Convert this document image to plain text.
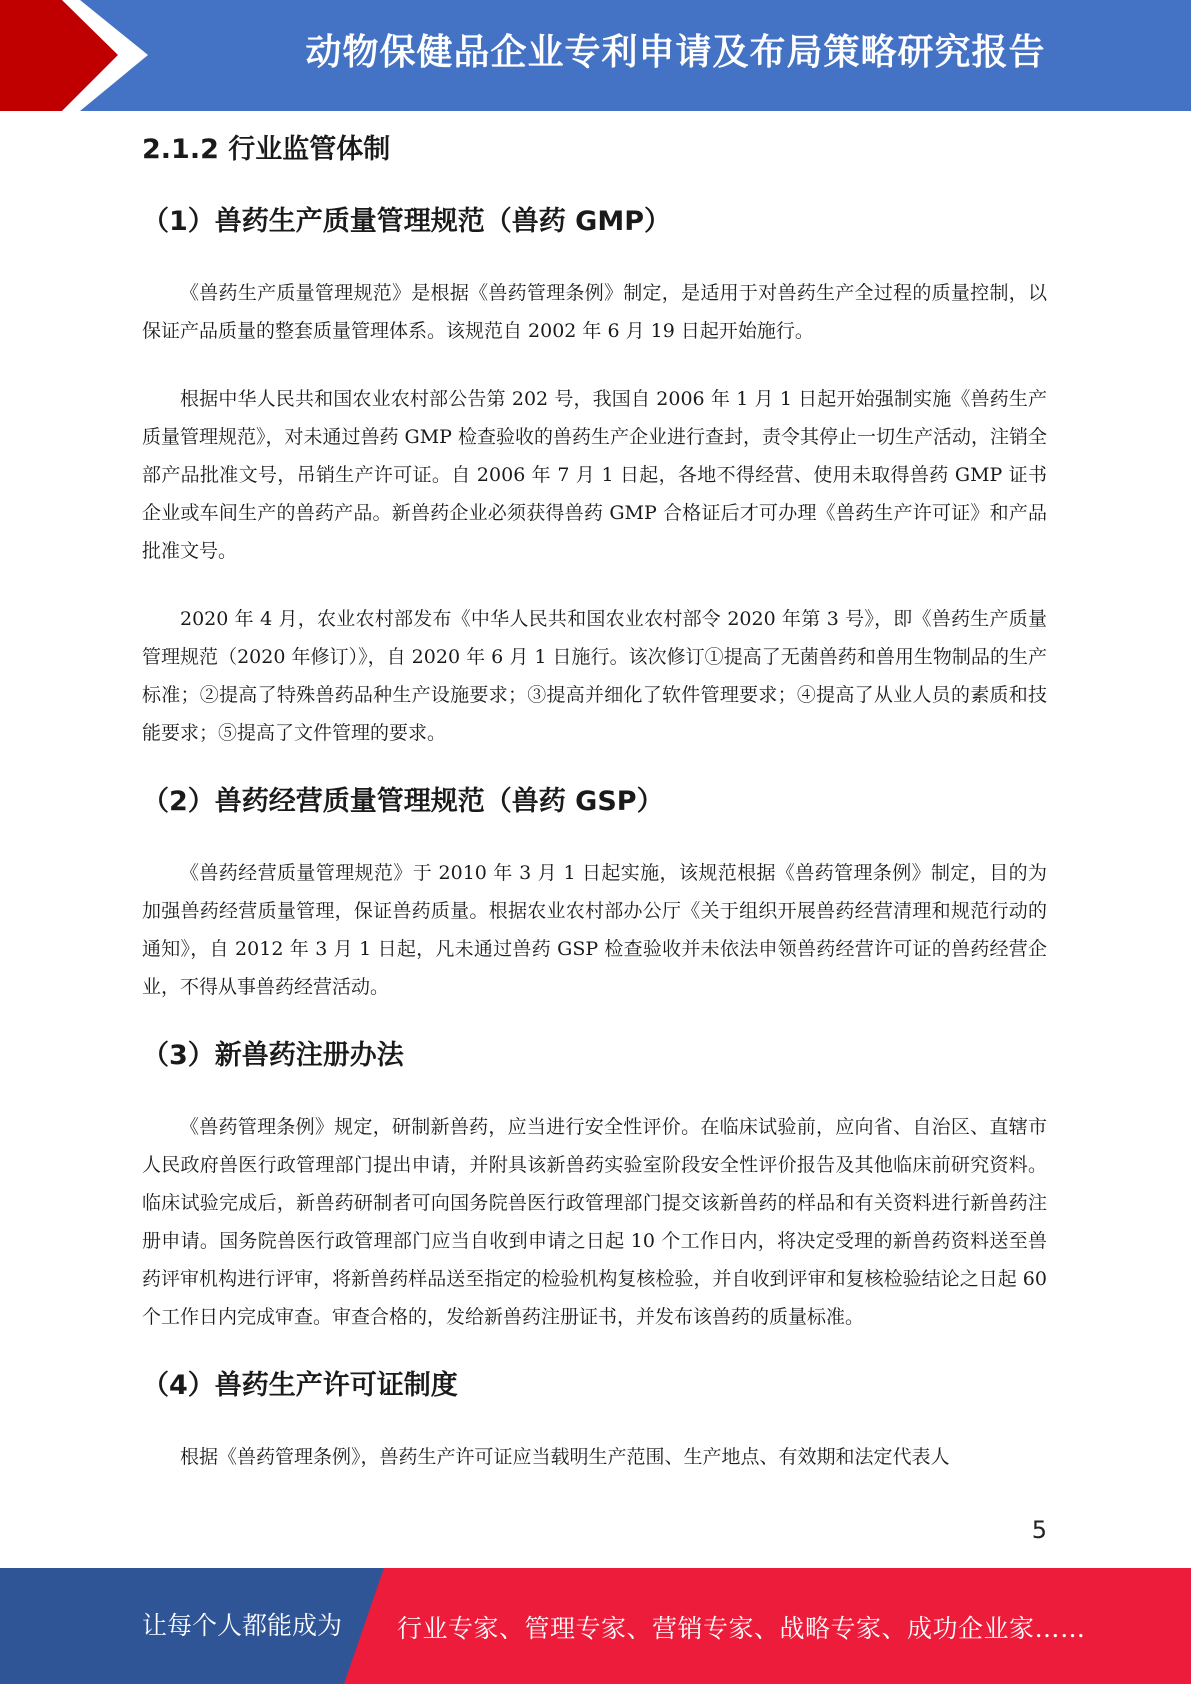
动物保健品企业专利申请及布局策略研究报告
2.1.2 行业监管体制
（1）兽药生产质量管理规范（兽药 GMP）

《兽药生产质量管理规范》是根据《兽药管理条例》制定，是适用于对兽药生产全过程的质量控制，以保证产品质量的整套质量管理体系。该规范自 2002 年 6 月 19 日起开始施行。

根据中华人民共和国农业农村部公告第 202 号，我国自 2006 年 1 月 1 日起开始强制实施《兽药生产质量管理规范》，对未通过兽药 GMP 检查验收的兽药生产企业进行查封，责令其停止一切生产活动，注销全部产品批准文号，吊销生产许可证。自 2006 年 7 月 1 日起，各地不得经营、使用未取得兽药 GMP 证书企业或车间生产的兽药产品。新兽药企业必须获得兽药 GMP 合格证后才可办理《兽药生产许可证》和产品批准文号。

2020 年 4 月，农业农村部发布《中华人民共和国农业农村部令 2020 年第 3 号》，即《兽药生产质量管理规范（2020 年修订）》，自 2020 年 6 月 1 日施行。该次修订①提高了无菌兽药和兽用生物制品的生产标准；②提高了特殊兽药品种生产设施要求；③提高并细化了软件管理要求；④提高了从业人员的素质和技能要求；⑤提高了文件管理的要求。

（2）兽药经营质量管理规范（兽药 GSP）

《兽药经营质量管理规范》于 2010 年 3 月 1 日起实施，该规范根据《兽药管理条例》制定，目的为加强兽药经营质量管理，保证兽药质量。根据农业农村部办公厅《关于组织开展兽药经营清理和规范行动的通知》，自 2012 年 3 月 1 日起，凡未通过兽药 GSP 检查验收并未依法申领兽药经营许可证的兽药经营企业，不得从事兽药经营活动。

（3）新兽药注册办法

《兽药管理条例》规定，研制新兽药，应当进行安全性评价。在临床试验前，应向省、自治区、直辖市人民政府兽医行政管理部门提出申请，并附具该新兽药实验室阶段安全性评价报告及其他临床前研究资料。临床试验完成后，新兽药研制者可向国务院兽医行政管理部门提交该新兽药的样品和有关资料进行新兽药注册申请。国务院兽医行政管理部门应当自收到申请之日起 10 个工作日内，将决定受理的新兽药资料送至兽药评审机构进行评审，将新兽药样品送至指定的检验机构复核检验，并自收到评审和复核检验结论之日起 60 个工作日内完成审查。审查合格的，发给新兽药注册证书，并发布该兽药的质量标准。

（4）兽药生产许可证制度

根据《兽药管理条例》，兽药生产许可证应当载明生产范围、生产地点、有效期和法定代表人

5
让每个人都能成为 行业专家、管理专家、营销专家、战略专家、成功企业家……
